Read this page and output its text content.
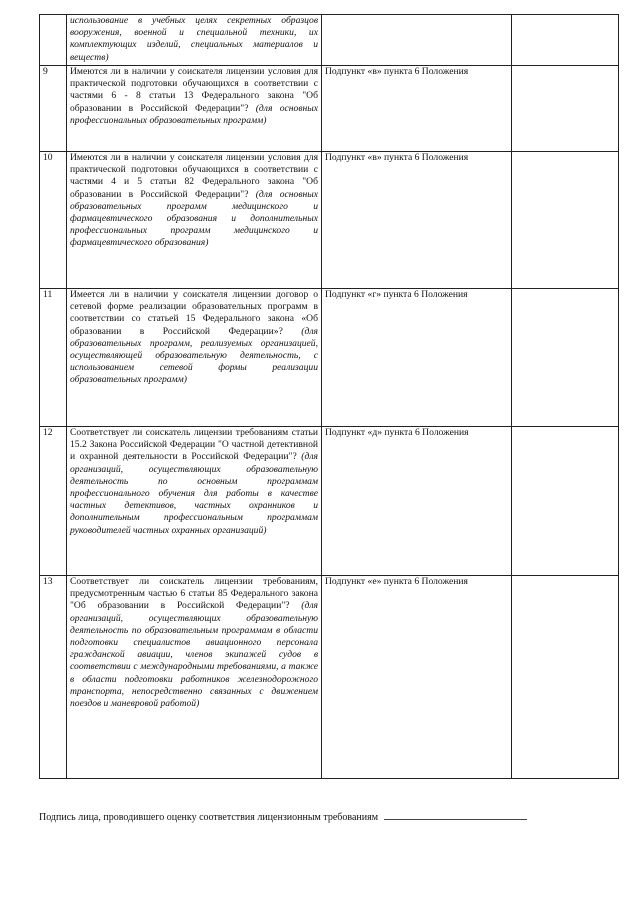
	использование в учебных целях секретных образцов вооружения, военной и специальной техники, их комплектующих изделий, специальных материалов и веществ)		
9	Имеются ли в наличии у соискателя лицензии условия для практической подготовки обучающихся в соответствии с частями 6 - 8 статьи 13 Федерального закона "Об образовании в Российской Федерации"? (для основных профессиональных образовательных программ)	Подпункт «в» пункта 6 Положения	
10	Имеются ли в наличии у соискателя лицензии условия для практической подготовки обучающихся в соответствии с частями 4 и 5 статьи 82 Федерального закона "Об образовании в Российской Федерации"? (для основных образовательных программ медицинского и фармацевтического образования и дополнительных профессиональных программ медицинского и фармацевтического образования)	Подпункт «в» пункта 6 Положения	
11	Имеется ли в наличии у соискателя лицензии договор о сетевой форме реализации образовательных программ в соответствии со статьей 15 Федерального закона «Об образовании в Российской Федерации»? (для образовательных программ, реализуемых организацией, осуществляющей образовательную деятельность, с использованием сетевой формы реализации образовательных программ)	Подпункт «г» пункта 6 Положения	
12	Соответствует ли соискатель лицензии требованиям статьи 15.2 Закона Российской Федерации "О частной детективной и охранной деятельности в Российской Федерации"? (для организаций, осуществляющих образовательную деятельность по основным программам профессионального обучения для работы в качестве частных детективов, частных охранников и дополнительным профессиональным программам руководителей частных охранных организаций)	Подпункт «д» пункта 6 Положения	
13	Соответствует ли соискатель лицензии требованиям, предусмотренным частью 6 статьи 85 Федерального закона "Об образовании в Российской Федерации"? (для организаций, осуществляющих образовательную деятельность по образовательным программам в области подготовки специалистов авиационного персонала гражданской авиации, членов экипажей судов в соответствии с международными требованиями, а также в области подготовки работников железнодорожного транспорта, непосредственно связанных с движением поездов и маневровой работой)	Подпункт «е» пункта 6 Положения	
Подпись лица, проводившего оценку соответствия лицензионным требованиям
